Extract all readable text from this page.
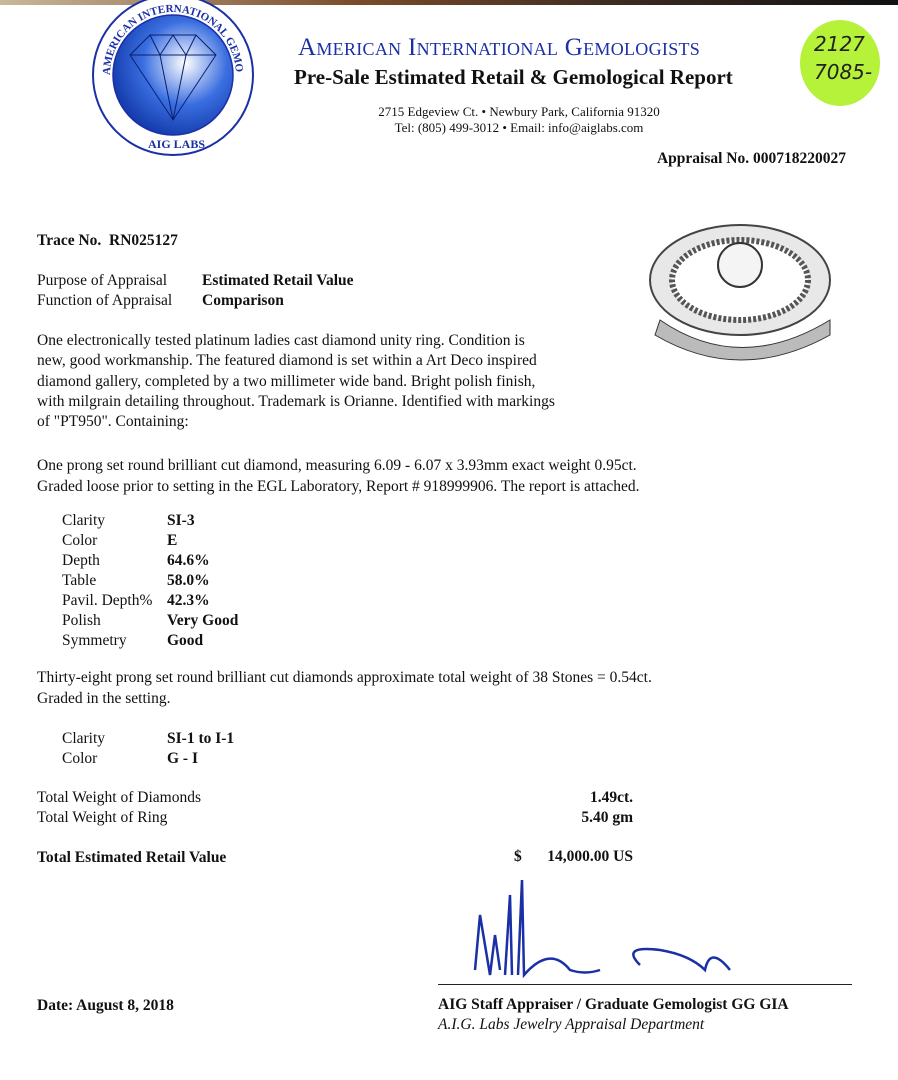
AMERICAN INTERNATIONAL GEMO
AIG LABS
2127
7085-
American International Gemologists
Pre-Sale Estimated Retail & Gemological Report
2715 Edgeview Ct. • Newbury Park, California 91320
Tel: (805) 499-3012 • Email: info@aiglabs.com
Appraisal No. 000718220027
Trace No. RN025127
Purpose of Appraisal Estimated Retail Value
Function of Appraisal Comparison
One electronically tested platinum ladies cast diamond unity ring. Condition is
new, good workmanship. The featured diamond is set within a Art Deco inspired
diamond gallery, completed by a two millimeter wide band. Bright polish finish,
with milgrain detailing throughout. Trademark is Orianne. Identified with markings
of "PT950". Containing:
One prong set round brilliant cut diamond, measuring 6.09 - 6.07 x 3.93mm exact weight 0.95ct.
Graded loose prior to setting in the EGL Laboratory, Report # 918999906. The report is attached.
Clarity	SI-3
Color	E
Depth	64.6%
Table	58.0%
Pavil. Depth% 42.3%
Polish	Very Good
Symmetry	Good
Thirty-eight prong set round brilliant cut diamonds approximate total weight of 38 Stones = 0.54ct.
Graded in the setting.
Clarity	SI-1 to I-1
Color	G - I
Total Weight of Diamonds	1.49ct.
Total Weight of Ring	5.40 gm
Total Estimated Retail Value	$ 14,000.00 US
Date: August 8, 2018	AIG Staff Appraiser / Graduate Gemologist GG GIA
A.I.G. Labs Jewelry Appraisal Department
